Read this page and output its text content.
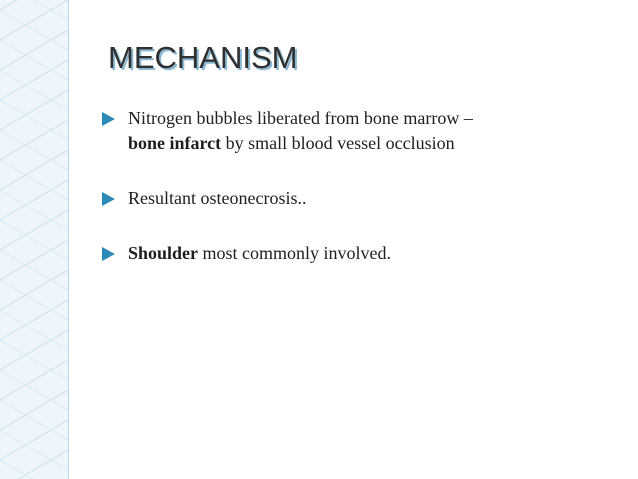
MECHANISM
Nitrogen bubbles liberated from bone marrow –
bone infarct by small blood vessel occlusion
Resultant osteonecrosis..
Shoulder most commonly involved.
